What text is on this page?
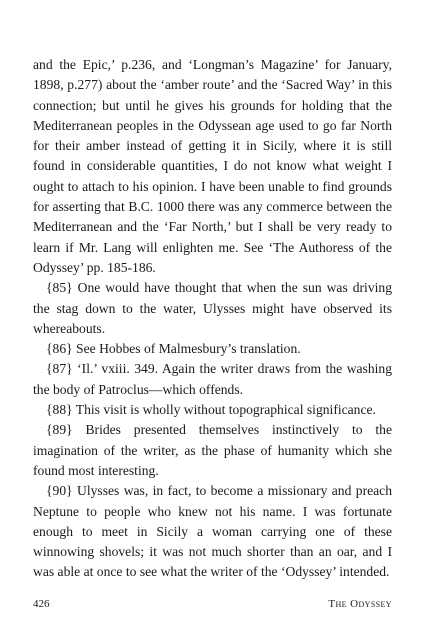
and the Epic,’ p.236, and ‘Longman’s Magazine’ for January, 1898, p.277) about the ‘amber route’ and the ‘Sacred Way’ in this connection; but until he gives his grounds for holding that the Mediterranean peoples in the Odyssean age used to go far North for their amber instead of getting it in Sicily, where it is still found in considerable quantities, I do not know what weight I ought to attach to his opinion. I have been unable to find grounds for asserting that B.C. 1000 there was any commerce between the Mediterranean and the ‘Far North,’ but I shall be very ready to learn if Mr. Lang will enlighten me. See ‘The Authoress of the Odyssey’ pp. 185-186.

{85} One would have thought that when the sun was driving the stag down to the water, Ulysses might have observed its whereabouts.

{86} See Hobbes of Malmesbury’s translation.

{87} ‘Il.’ vxiii. 349. Again the writer draws from the washing the body of Patroclus—which offends.

{88} This visit is wholly without topographical significance.

{89} Brides presented themselves instinctively to the imagination of the writer, as the phase of humanity which she found most interesting.

{90} Ulysses was, in fact, to become a missionary and preach Neptune to people who knew not his name. I was fortunate enough to meet in Sicily a woman carrying one of these winnowing shovels; it was not much shorter than an oar, and I was able at once to see what the writer of the ‘Odyssey’ intended.

426	The Odyssey
